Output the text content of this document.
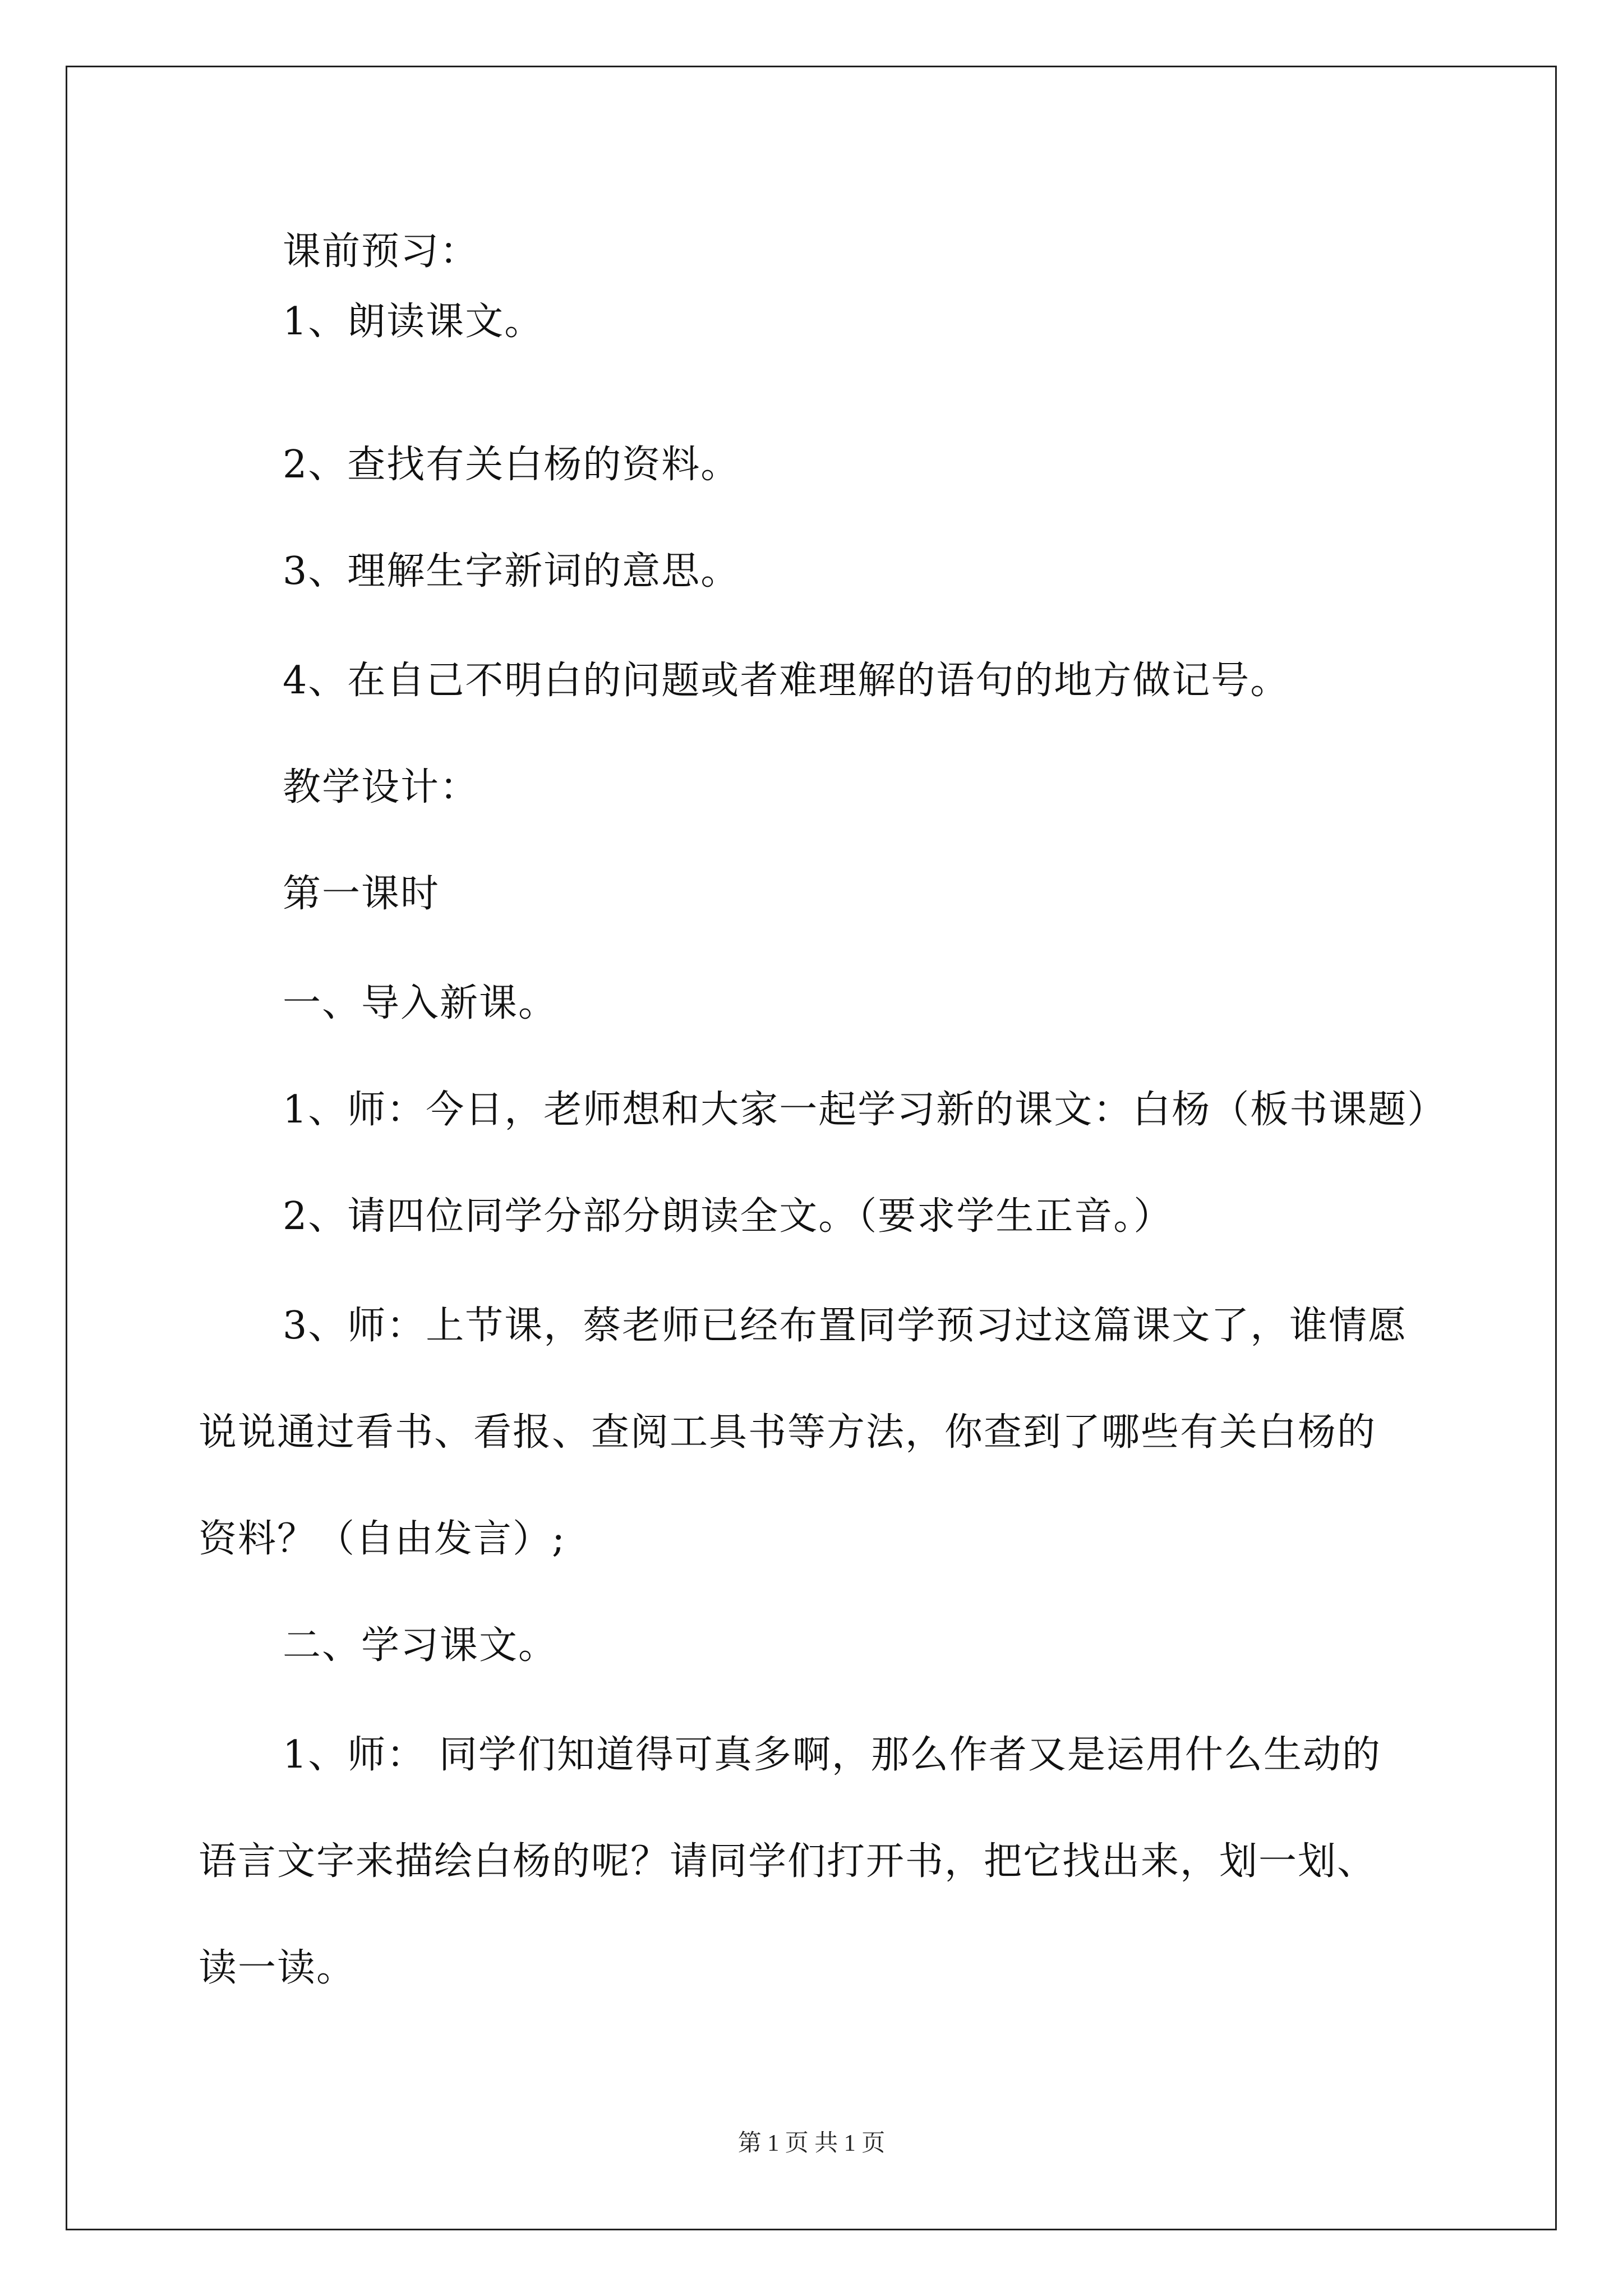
课前预习：
1、朗读课文。
2、查找有关白杨的资料。
3、理解生字新词的意思。
4、在自己不明白的问题或者难理解的语句的地方做记号。
教学设计：
第一课时
一、导入新课。
1、师：今日，老师想和大家一起学习新的课文：白杨（板书课题）
2、请四位同学分部分朗读全文。（要求学生正音。）
3、师：上节课，蔡老师已经布置同学预习过这篇课文了，谁情愿
说说通过看书、看报、查阅工具书等方法，你查到了哪些有关白杨的
资料？（自由发言）;
二、学习课文。
1、师： 同学们知道得可真多啊，那么作者又是运用什么生动的
语言文字来描绘白杨的呢？请同学们打开书，把它找出来，划一划、
读一读。
第 1 页 共 1 页
